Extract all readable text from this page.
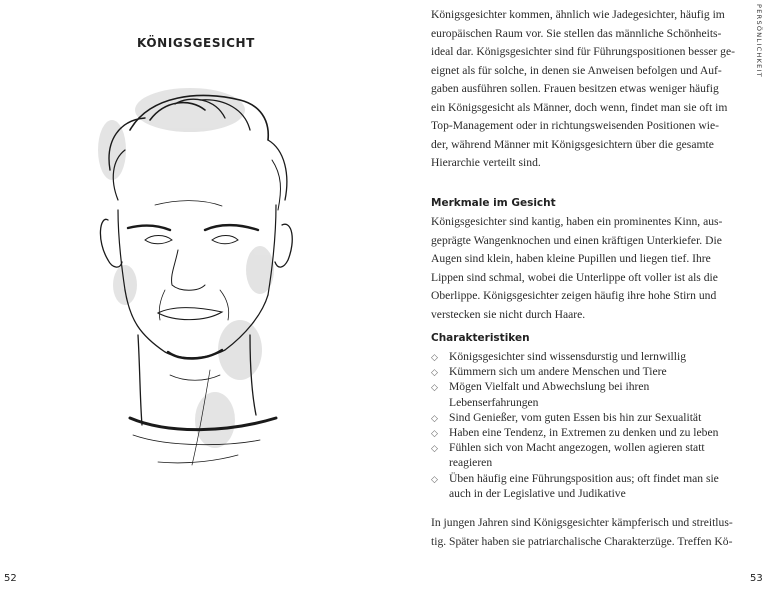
KÖNIGSGESICHT
52
PERSÖNLICHKEIT
Königsgesichter kommen, ähnlich wie Jadegesichter, häufig im
europäischen Raum vor. Sie stellen das männliche Schönheits-
ideal dar. Königsgesichter sind für Führungspositionen besser ge-
eignet als für solche, in denen sie Anweisen befolgen und Auf-
gaben ausführen sollen. Frauen besitzen etwas weniger häufig
ein Königsgesicht als Männer, doch wenn, findet man sie oft im
Top-Management oder in richtungsweisenden Positionen wie-
der, während Männer mit Königsgesichtern über die gesamte
Hierarchie verteilt sind.
Merkmale im Gesicht
Königsgesichter sind kantig, haben ein prominentes Kinn, aus-
geprägte Wangenknochen und einen kräftigen Unterkiefer. Die
Augen sind klein, haben kleine Pupillen und liegen tief. Ihre
Lippen sind schmal, wobei die Unterlippe oft voller ist als die
Oberlippe. Königsgesichter zeigen häufig ihre hohe Stirn und
verstecken sie nicht durch Haare.
Charakteristiken
◇ Königsgesichter sind wissensdurstig und lernwillig
◇ Kümmern sich um andere Menschen und Tiere
◇ Mögen Vielfalt und Abwechslung bei ihren
Lebenserfahrungen
◇ Sind Genießer, vom guten Essen bis hin zur Sexualität
◇ Haben eine Tendenz, in Extremen zu denken und zu leben
◇ Fühlen sich von Macht angezogen, wollen agieren statt
reagieren
◇ Üben häufig eine Führungsposition aus; oft findet man sie
auch in der Legislative und Judikative
In jungen Jahren sind Königsgesichter kämpferisch und streitlus-
tig. Später haben sie patriarchalische Charakterzüge. Treffen Kö-
53
